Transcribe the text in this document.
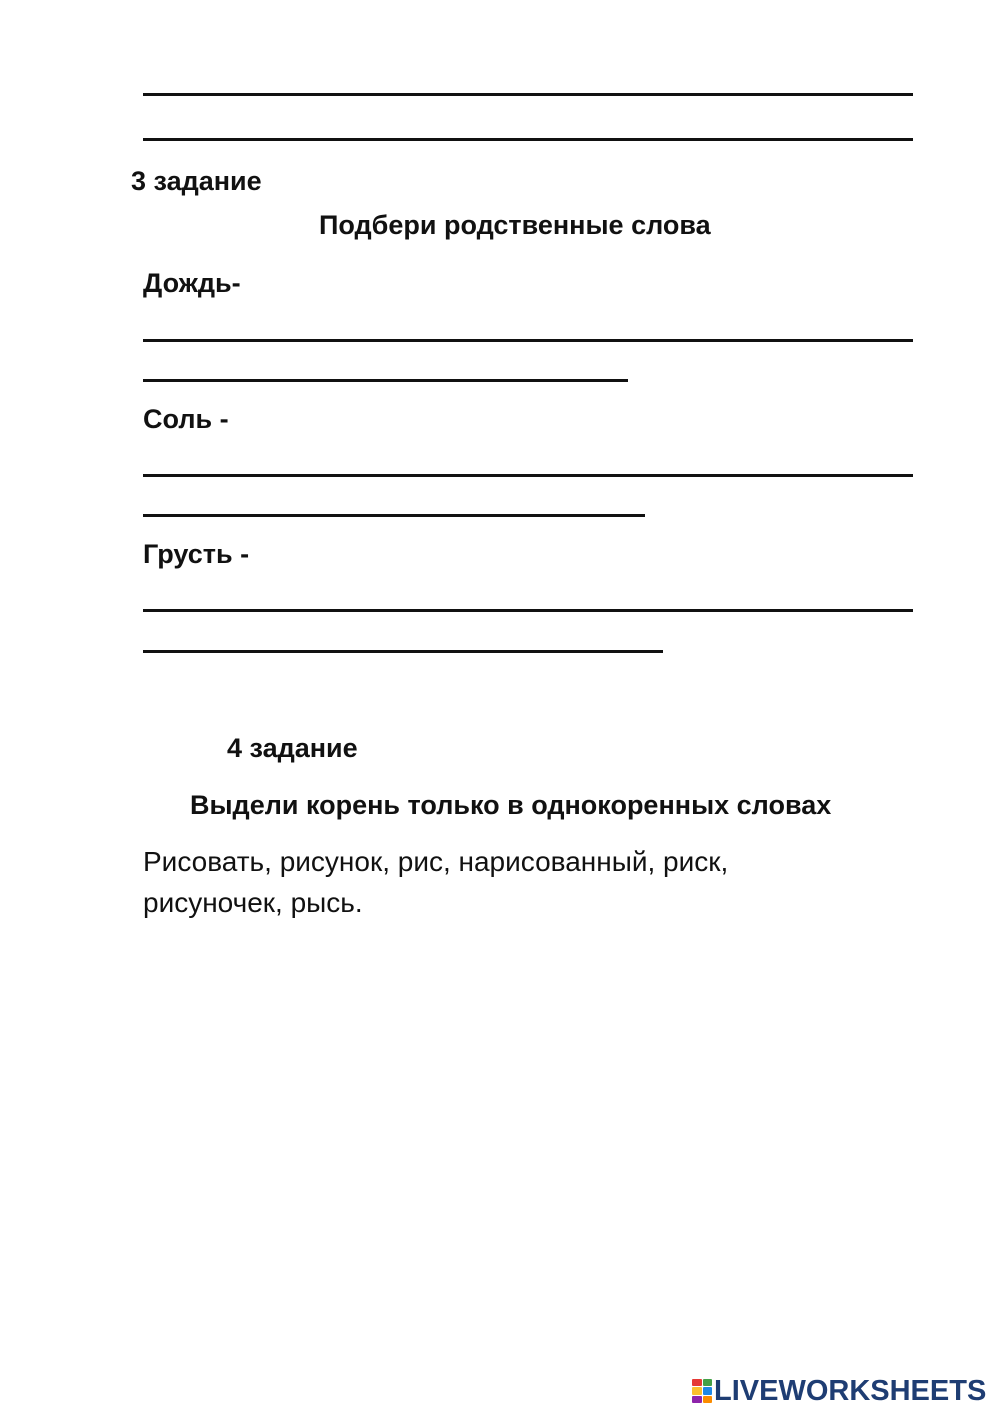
3 задание
Подбери родственные слова
Дождь-
Соль -
Грусть -
4 задание
Выдели корень только в однокоренных словах
Рисовать, рисунок, рис, нарисованный, риск,
рисуночек, рысь.
LIVEWORKSHEETS
